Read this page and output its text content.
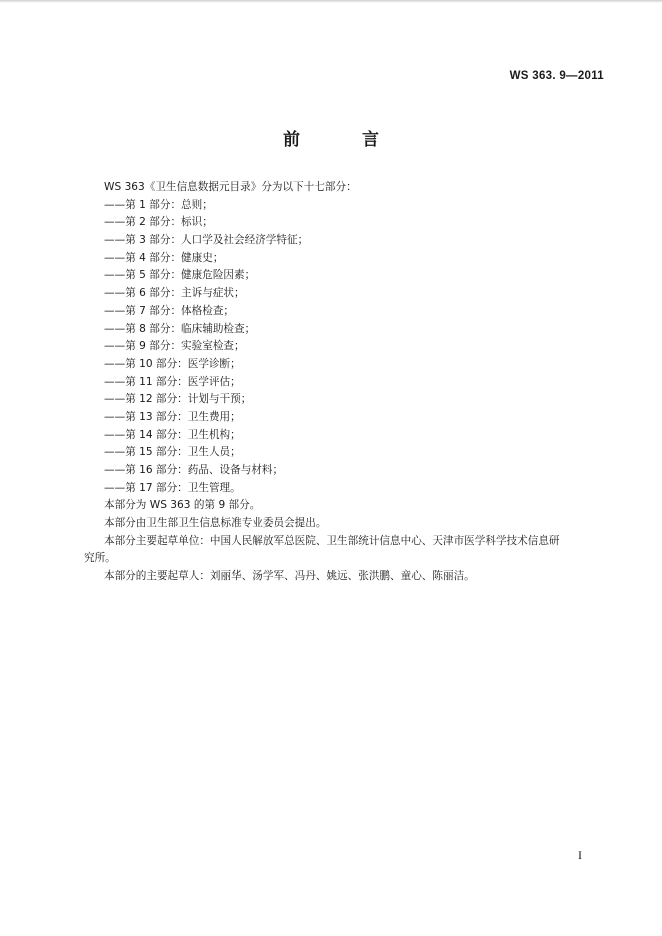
WS 363. 9—2011
前 言
WS 363《卫生信息数据元目录》分为以下十七部分：
——第 1 部分：总则；
——第 2 部分：标识；
——第 3 部分：人口学及社会经济学特征；
——第 4 部分：健康史；
——第 5 部分：健康危险因素；
——第 6 部分：主诉与症状；
——第 7 部分：体格检查；
——第 8 部分：临床辅助检查；
——第 9 部分：实验室检查；
——第 10 部分：医学诊断；
——第 11 部分：医学评估；
——第 12 部分：计划与干预；
——第 13 部分：卫生费用；
——第 14 部分：卫生机构；
——第 15 部分：卫生人员；
——第 16 部分：药品、设备与材料；
——第 17 部分：卫生管理。
本部分为 WS 363 的第 9 部分。
本部分由卫生部卫生信息标准专业委员会提出。
本部分主要起草单位：中国人民解放军总医院、卫生部统计信息中心、天津市医学科学技术信息研
究所。
本部分的主要起草人：刘丽华、汤学军、冯丹、姚远、张洪鹏、童心、陈丽洁。
I
